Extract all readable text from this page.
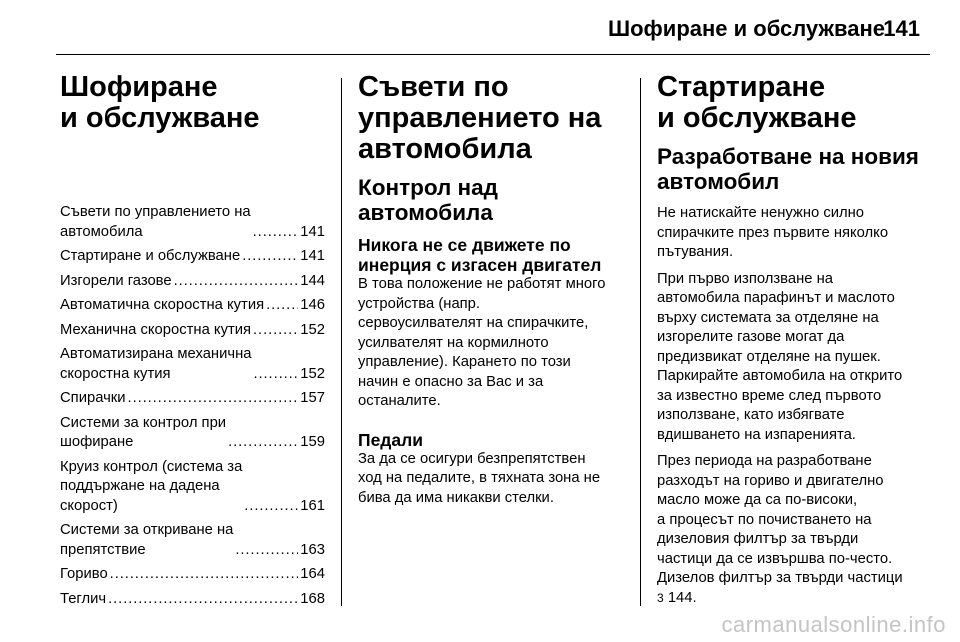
Шофиране и обслужване
141
Шофиране
и обслужване
Съвети по управлението на
автомобила . . .	141
Стартиране и обслужване . . .	141
Изгорели газове . . .	144
Автоматична скоростна кутия . . . 146
Механична скоростна кутия . . .	152
Автоматизирана механична
скоростна кутия . . .	152
Спирачки . . .	157
Системи за контрол при
шофиране . . .	159
Круиз контрол (система за
поддържане на дадена
скорост) . . .	161
Системи за откриване на
препятствие . . .	163
Гориво . . .	164
Теглич . . .	168
Съвети по
управлението на
автомобила
Контрол над автомобила
Никога не се движете по
инерция с изгасен двигател

В това положение не работят много
устройства (напр.
сервоусилвателят на спирачките,
усилвателят на кормилното
управление). Каранeто по този
начин е опасно за Вас и за
останалите.

Педали

За да се осигури безпрепятствен
ход на педалите, в тяхната зона не
бива да има никакви стелки.

Стартиране
и обслужване
Разработване на новия
автомобил

Не натискайте ненужно силно
спирачките през първите няколко
пътувания.

При първо използване на
автомобила парафинът и маслото
върху системата за отделяне на
изгорелите газове могат да
предизвикат отделяне на пушек.
Паркирайте автомобила на открито
за известно време след първото
използване, като избягвате
вдишването на изпаренията.

През периода на разработване
разходът на гориво и двигателно
масло може да са по-високи,
а процесът по почистването на
дизеловия филтър за твърди
частици да се извършва по-често.
Дизелов филтър за твърди частици
3 144.

carmanualsonline.info
